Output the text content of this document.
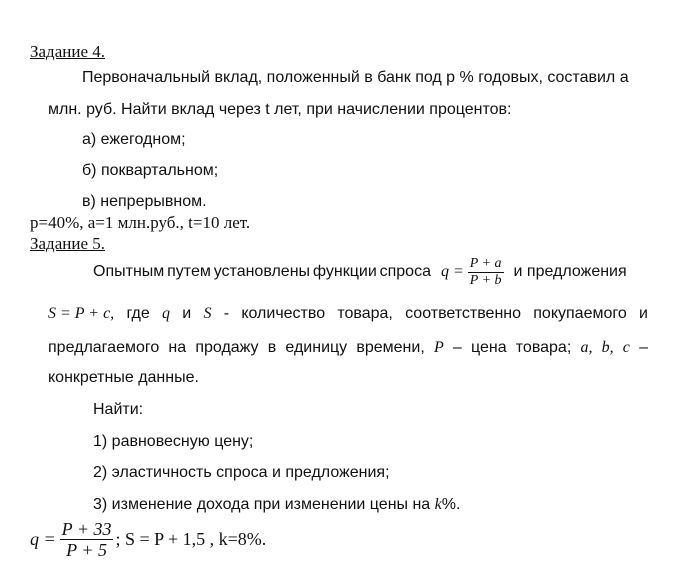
Задание 4.
Первоначальный вклад, положенный в банк под p % годовых, составил a
млн. руб. Найти вклад через t лет, при начислении процентов:
а) ежегодном;
б) поквартальном;
в) непрерывном.
p=40%, a=1 млн.руб., t=10 лет.
Задание 5.
Опытным путем установлены функции спроса $q = \frac{P + a}{P + b}$ и предложения
S = P + c, где q и S - количество товара, соответственно покупаемого и
предлагаемого на продажу в единицу времени, P – цена товара; a, b, c –
конкретные данные.
Найти:
1) равновесную цену;
2) эластичность спроса и предложения;
3) изменение дохода при изменении цены на k%.
$q = \frac{P + 33}{P + 5}$ ; S = P + 1,5 , k=8%.
